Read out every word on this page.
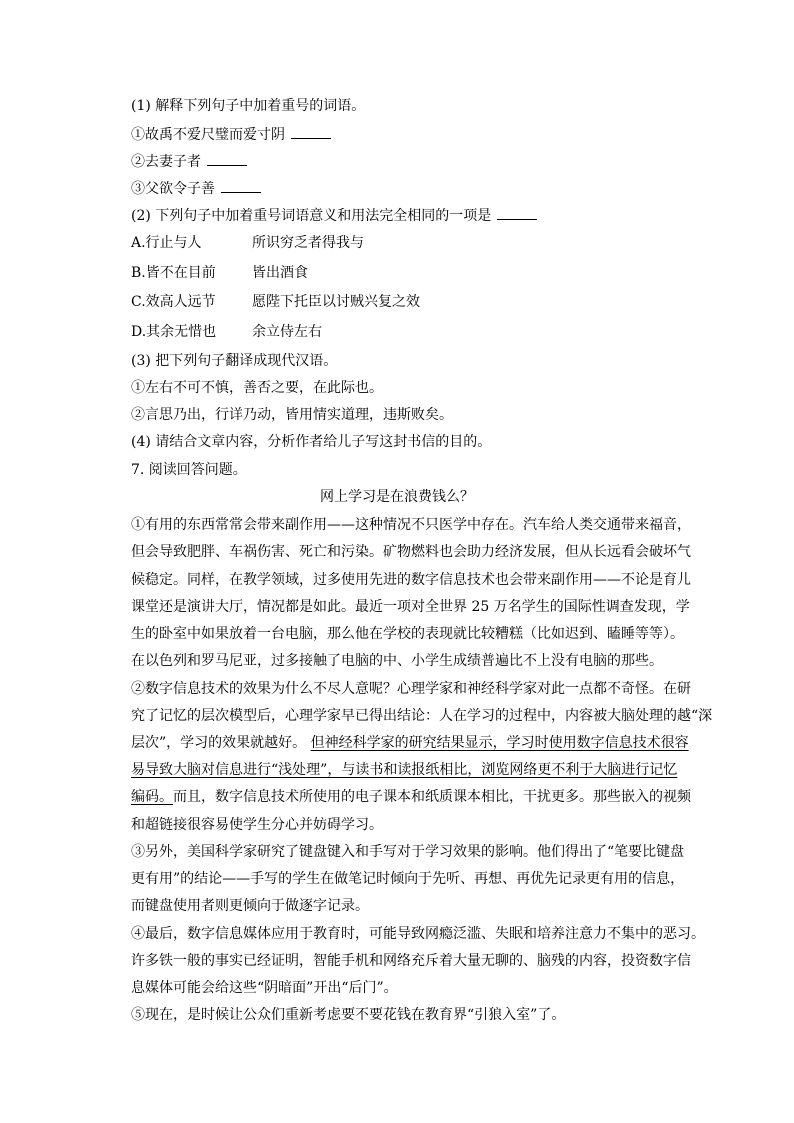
(1) 解释下列句子中加着重号的词语。
①故禹不爱尺璧而爱寸阴
②去妻子者
③父欲令子善
(2) 下列句子中加着重号词语意义和用法完全相同的一项是
A.行止与人	所识穷乏者得我与
B.皆不在目前	皆出酒食
C.效高人远节	愿陛下托臣以讨贼兴复之效
D.其余无惜也	余立侍左右
(3) 把下列句子翻译成现代汉语。
①左右不可不慎，善否之要，在此际也。
②言思乃出，行详乃动，皆用情实道理，违斯败矣。
(4) 请结合文章内容，分析作者给儿子写这封书信的目的。
7. 阅读回答问题。
网上学习是在浪费钱么？
①有用的东西常常会带来副作用——这种情况不只医学中存在。汽车给人类交通带来福音，
但会导致肥胖、车祸伤害、死亡和污染。矿物燃料也会助力经济发展，但从长远看会破坏气
候稳定。同样，在教学领域，过多使用先进的数字信息技术也会带来副作用——不论是育儿
课堂还是演讲大厅，情况都是如此。最近一项对全世界 25 万名学生的国际性调查发现，学
生的卧室中如果放着一台电脑，那么他在学校的表现就比较糟糕（比如迟到、瞌睡等等）。
在以色列和罗马尼亚，过多接触了电脑的中、小学生成绩普遍比不上没有电脑的那些。
②数字信息技术的效果为什么不尽人意呢？心理学家和神经科学家对此一点都不奇怪。在研
究了记忆的层次模型后，心理学家早已得出结论：人在学习的过程中，内容被大脑处理的越“深
层次”，学习的效果就越好。 但神经科学家的研究结果显示，学习时使用数字信息技术很容
易导致大脑对信息进行“浅处理”，与读书和读报纸相比，浏览网络更不利于大脑进行记忆
编码。而且，数字信息技术所使用的电子课本和纸质课本相比，干扰更多。那些嵌入的视频
和超链接很容易使学生分心并妨碍学习。
③另外，美国科学家研究了键盘键入和手写对于学习效果的影响。他们得出了“笔要比键盘
更有用”的结论——手写的学生在做笔记时倾向于先听、再想、再优先记录更有用的信息，
而键盘使用者则更倾向于做逐字记录。
④最后，数字信息媒体应用于教育时，可能导致网瘾泛滥、失眠和培养注意力不集中的恶习。
许多铁一般的事实已经证明，智能手机和网络充斥着大量无聊的、脑残的内容，投资数字信
息媒体可能会给这些“阴暗面”开出“后门”。
⑤现在，是时候让公众们重新考虑要不要花钱在教育界“引狼入室”了。
